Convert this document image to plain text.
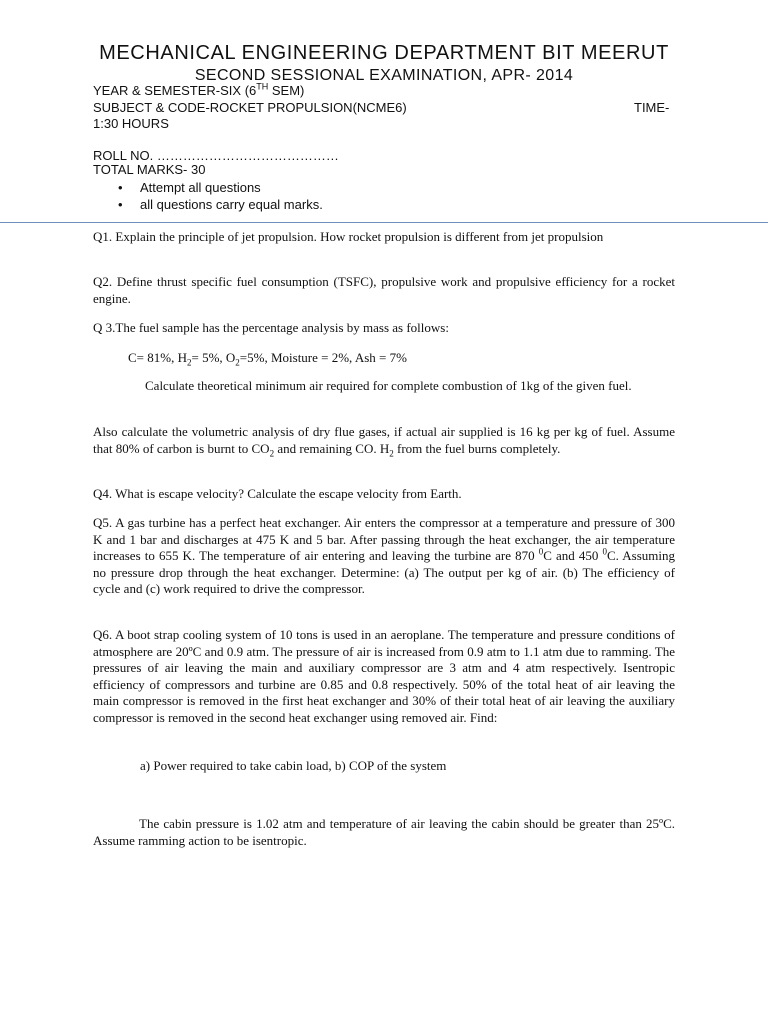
MECHANICAL ENGINEERING DEPARTMENT BIT MEERUT
SECOND SESSIONAL EXAMINATION, APR- 2014
YEAR & SEMESTER-SIX (6TH SEM)
SUBJECT & CODE-ROCKET PROPULSION(NCME6)	TIME-
1:30 HOURS
ROLL NO. ……………………………………
TOTAL MARKS- 30
• Attempt all questions
• all questions carry equal marks.
Q1. Explain the principle of jet propulsion. How rocket propulsion is different from jet propulsion
Q2. Define thrust specific fuel consumption (TSFC), propulsive work and propulsive efficiency for a rocket engine.
Q 3.The fuel sample has the percentage analysis by mass as follows:
C= 81%, $H_2= 5\%$, $O_2=5\%$, Moisture = 2%, Ash = 7%
Calculate theoretical minimum air required for complete combustion of 1kg of the given fuel.
Also calculate the volumetric analysis of dry flue gases, if actual air supplied is 16 kg per kg of fuel. Assume that 80% of carbon is burnt to $CO_2$ and remaining CO. $H_2$ from the fuel burns completely.
Q4. What is escape velocity? Calculate the escape velocity from Earth.
Q5. A gas turbine has a perfect heat exchanger. Air enters the compressor at a temperature and pressure of 300 K and 1 bar and discharges at 475 K and 5 bar. After passing through the heat exchanger, the air temperature increases to 655 K. The temperature of air entering and leaving the turbine are 870 $^0$C and 450 $^0$C. Assuming no pressure drop through the heat exchanger. Determine: (a) The output per kg of air. (b) The efficiency of cycle and (c) work required to drive the compressor.
Q6. A boot strap cooling system of 10 tons is used in an aeroplane. The temperature and pressure conditions of atmosphere are 20ºC and 0.9 atm. The pressure of air is increased from 0.9 atm to 1.1 atm due to ramming. The pressures of air leaving the main and auxiliary compressor are 3 atm and 4 atm respectively. Isentropic efficiency of compressors and turbine are 0.85 and 0.8 respectively. 50% of the total heat of air leaving the main compressor is removed in the first heat exchanger and 30% of their total heat of air leaving the auxiliary compressor is removed in the second heat exchanger using removed air. Find:
a) Power required to take cabin load, b) COP of the system
The cabin pressure is 1.02 atm and temperature of air leaving the cabin should be greater than 25ºC. Assume ramming action to be isentropic.
